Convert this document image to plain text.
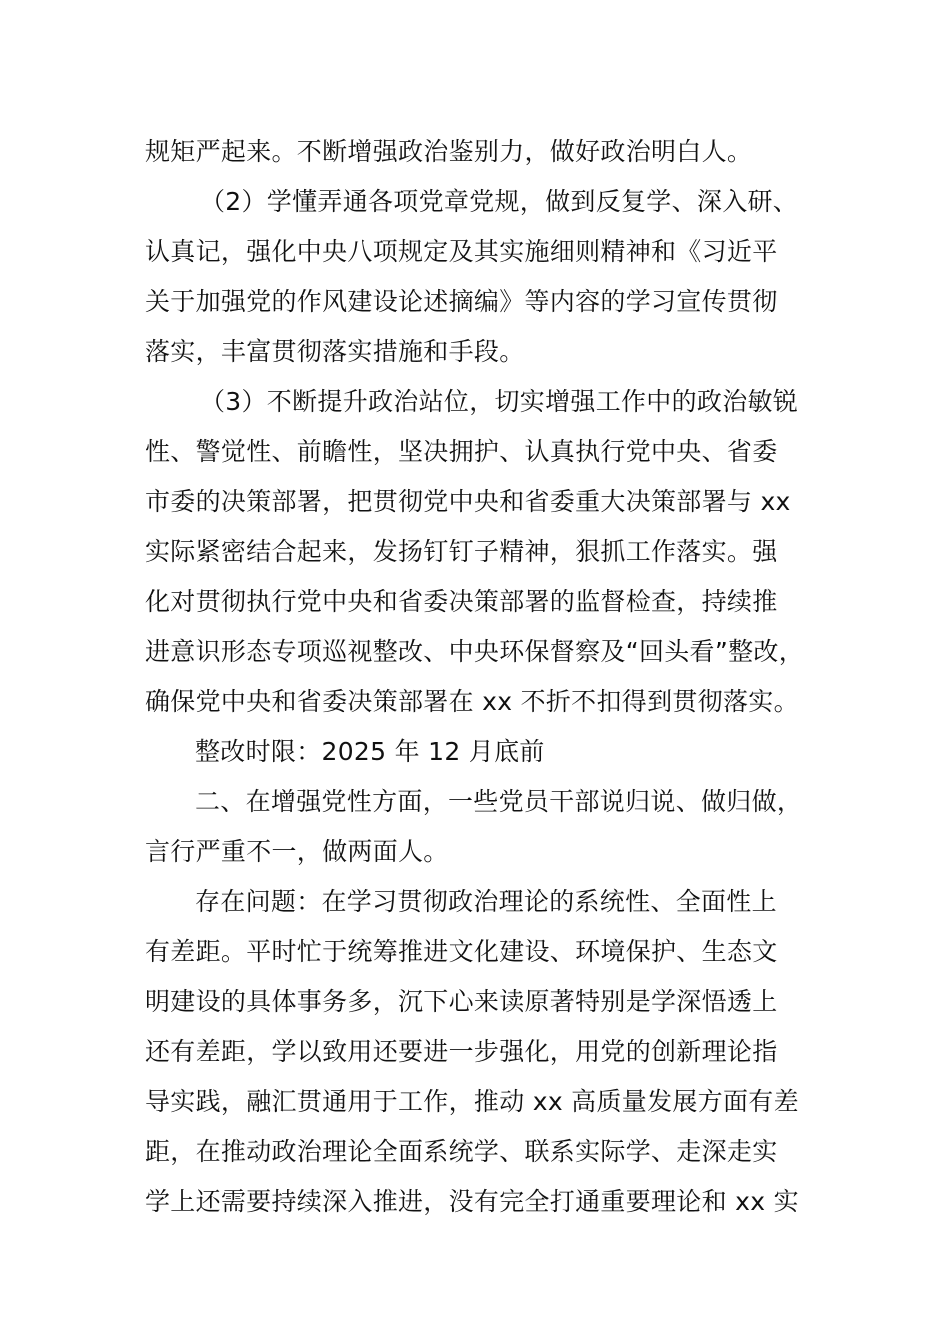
规矩严起来。不断增强政治鉴别力，做好政治明白人。
（2）学懂弄通各项党章党规，做到反复学、深入研、
认真记，强化中央八项规定及其实施细则精神和《习近平
关于加强党的作风建设论述摘编》等内容的学习宣传贯彻
落实，丰富贯彻落实措施和手段。
（3）不断提升政治站位，切实增强工作中的政治敏锐
性、警觉性、前瞻性，坚决拥护、认真执行党中央、省委
市委的决策部署，把贯彻党中央和省委重大决策部署与 xx
实际紧密结合起来，发扬钉钉子精神，狠抓工作落实。强
化对贯彻执行党中央和省委决策部署的监督检查，持续推
进意识形态专项巡视整改、中央环保督察及“回头看”整改，
确保党中央和省委决策部署在 xx 不折不扣得到贯彻落实。
整改时限：2025 年 12 月底前
二、在增强党性方面，一些党员干部说归说、做归做，
言行严重不一，做两面人。
存在问题：在学习贯彻政治理论的系统性、全面性上
有差距。平时忙于统筹推进文化建设、环境保护、生态文
明建设的具体事务多，沉下心来读原著特别是学深悟透上
还有差距，学以致用还要进一步强化，用党的创新理论指
导实践，融汇贯通用于工作，推动 xx 高质量发展方面有差
距，在推动政治理论全面系统学、联系实际学、走深走实
学上还需要持续深入推进，没有完全打通重要理论和 xx 实
